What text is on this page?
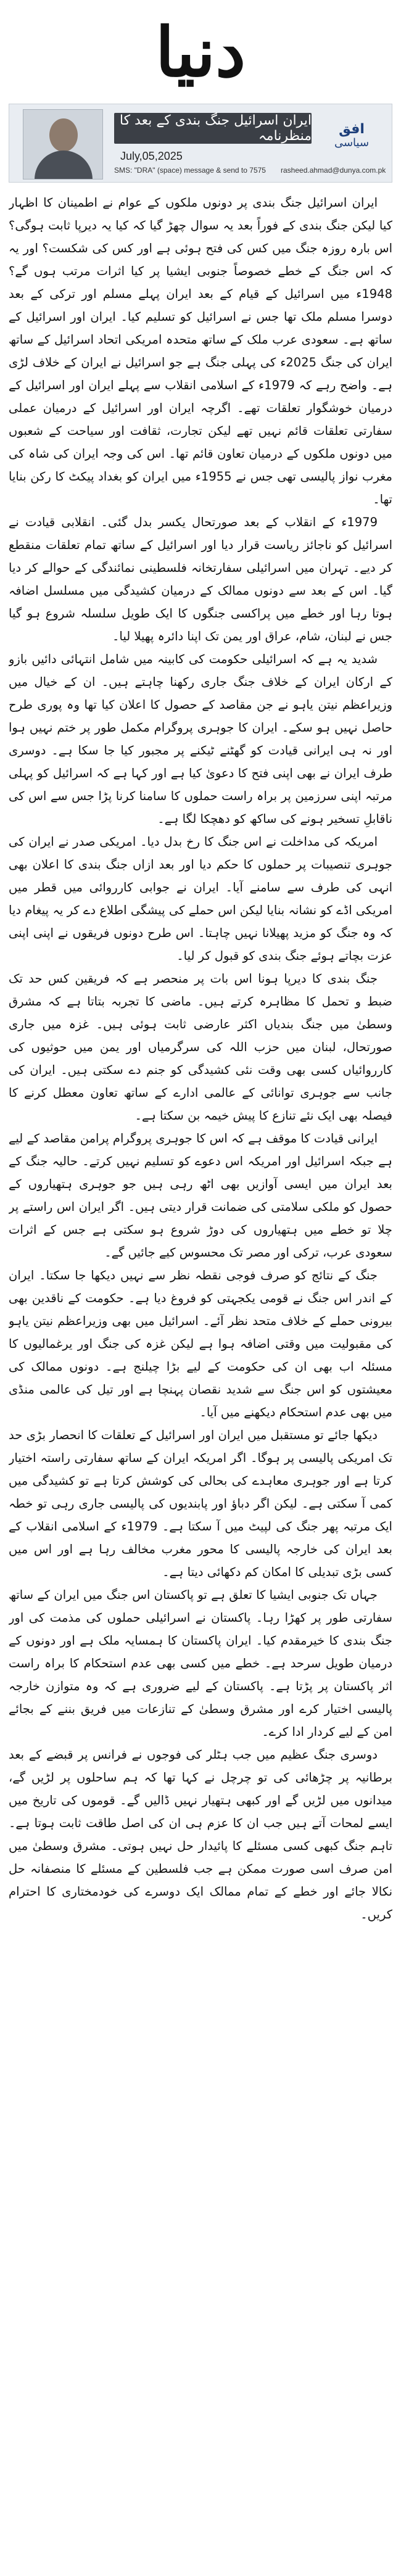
دنیا
ایران اسرائیل جنگ بندی کے بعد کا منظرنامہ
July,05,2025
SMS: "DRA" (space) message & send to 7575 rasheed.ahmad@dunya.com.pk
افق
سیاسی

ایران اسرائیل جنگ بندی پر دونوں ملکوں کے عوام نے اطمینان کا اظہار کیا لیکن جنگ بندی کے فوراً بعد یہ سوال چھڑ گیا کہ کیا یہ دیرپا ثابت ہوگی؟ اس بارہ روزہ جنگ میں کس کی فتح ہوئی ہے اور کس کی شکست؟ اور یہ کہ اس جنگ کے خطے خصوصاً جنوبی ایشیا پر کیا اثرات مرتب ہوں گے؟ 1948ء میں اسرائیل کے قیام کے بعد ایران پہلے مسلم اور ترکی کے بعد دوسرا مسلم ملک تھا جس نے اسرائیل کو تسلیم کیا۔ ایران اور اسرائیل کے ساتھ ہے۔ سعودی عرب ملک کے ساتھ متحدہ امریکی اتحاد اسرائیل کے ساتھ ایران کی جنگ 2025ء کی پہلی جنگ ہے جو اسرائیل نے ایران کے خلاف لڑی ہے۔ واضح رہے کہ 1979ء کے اسلامی انقلاب سے پہلے ایران اور اسرائیل کے درمیان خوشگوار تعلقات تھے۔ اگرچہ ایران اور اسرائیل کے درمیان عملی سفارتی تعلقات قائم نہیں تھے لیکن تجارت، ثقافت اور سیاحت کے شعبوں میں دونوں ملکوں کے درمیان تعاون قائم تھا۔ اس کی وجہ ایران کی شاہ کی مغرب نواز پالیسی تھی جس نے 1955ء میں ایران کو بغداد پیکٹ کا رکن بنایا تھا۔

1979ء کے انقلاب کے بعد صورتحال یکسر بدل گئی۔ انقلابی قیادت نے اسرائیل کو ناجائز ریاست قرار دیا اور اسرائیل کے ساتھ تمام تعلقات منقطع کر دیے۔ تہران میں اسرائیلی سفارتخانہ فلسطینی نمائندگی کے حوالے کر دیا گیا۔ اس کے بعد سے دونوں ممالک کے درمیان کشیدگی میں مسلسل اضافہ ہوتا رہا اور خطے میں پراکسی جنگوں کا ایک طویل سلسلہ شروع ہو گیا جس نے لبنان، شام، عراق اور یمن تک اپنا دائرہ پھیلا لیا۔

شدید یہ ہے کہ اسرائیلی حکومت کی کابینہ میں شامل انتہائی دائیں بازو کے ارکان ایران کے خلاف جنگ جاری رکھنا چاہتے ہیں۔ ان کے خیال میں وزیراعظم نیتن یاہو نے جن مقاصد کے حصول کا اعلان کیا تھا وہ پوری طرح حاصل نہیں ہو سکے۔ ایران کا جوہری پروگرام مکمل طور پر ختم نہیں ہوا اور نہ ہی ایرانی قیادت کو گھٹنے ٹیکنے پر مجبور کیا جا سکا ہے۔ دوسری طرف ایران نے بھی اپنی فتح کا دعویٰ کیا ہے اور کہا ہے کہ اسرائیل کو پہلی مرتبہ اپنی سرزمین پر براہ راست حملوں کا سامنا کرنا پڑا جس سے اس کی ناقابلِ تسخیر ہونے کی ساکھ کو دھچکا لگا ہے۔

امریکہ کی مداخلت نے اس جنگ کا رخ بدل دیا۔ امریکی صدر نے ایران کی جوہری تنصیبات پر حملوں کا حکم دیا اور بعد ازاں جنگ بندی کا اعلان بھی انہی کی طرف سے سامنے آیا۔ ایران نے جوابی کارروائی میں قطر میں امریکی اڈے کو نشانہ بنایا لیکن اس حملے کی پیشگی اطلاع دے کر یہ پیغام دیا کہ وہ جنگ کو مزید پھیلانا نہیں چاہتا۔ اس طرح دونوں فریقوں نے اپنی اپنی عزت بچاتے ہوئے جنگ بندی کو قبول کر لیا۔

جنگ بندی کا دیرپا ہونا اس بات پر منحصر ہے کہ فریقین کس حد تک ضبط و تحمل کا مظاہرہ کرتے ہیں۔ ماضی کا تجربہ بتاتا ہے کہ مشرق وسطیٰ میں جنگ بندیاں اکثر عارضی ثابت ہوئی ہیں۔ غزہ میں جاری صورتحال، لبنان میں حزب اللہ کی سرگرمیاں اور یمن میں حوثیوں کی کارروائیاں کسی بھی وقت نئی کشیدگی کو جنم دے سکتی ہیں۔ ایران کی جانب سے جوہری توانائی کے عالمی ادارے کے ساتھ تعاون معطل کرنے کا فیصلہ بھی ایک نئے تنازع کا پیش خیمہ بن سکتا ہے۔

ایرانی قیادت کا موقف ہے کہ اس کا جوہری پروگرام پرامن مقاصد کے لیے ہے جبکہ اسرائیل اور امریکہ اس دعوے کو تسلیم نہیں کرتے۔ حالیہ جنگ کے بعد ایران میں ایسی آوازیں بھی اٹھ رہی ہیں جو جوہری ہتھیاروں کے حصول کو ملکی سلامتی کی ضمانت قرار دیتی ہیں۔ اگر ایران اس راستے پر چلا تو خطے میں ہتھیاروں کی دوڑ شروع ہو سکتی ہے جس کے اثرات سعودی عرب، ترکی اور مصر تک محسوس کیے جائیں گے۔

جنگ کے نتائج کو صرف فوجی نقطہ نظر سے نہیں دیکھا جا سکتا۔ ایران کے اندر اس جنگ نے قومی یکجہتی کو فروغ دیا ہے۔ حکومت کے ناقدین بھی بیرونی حملے کے خلاف متحد نظر آئے۔ اسرائیل میں بھی وزیراعظم نیتن یاہو کی مقبولیت میں وقتی اضافہ ہوا ہے لیکن غزہ کی جنگ اور یرغمالیوں کا مسئلہ اب بھی ان کی حکومت کے لیے بڑا چیلنج ہے۔ دونوں ممالک کی معیشتوں کو اس جنگ سے شدید نقصان پہنچا ہے اور تیل کی عالمی منڈی میں بھی عدم استحکام دیکھنے میں آیا۔

دیکھا جائے تو مستقبل میں ایران اور اسرائیل کے تعلقات کا انحصار بڑی حد تک امریکی پالیسی پر ہوگا۔ اگر امریکہ ایران کے ساتھ سفارتی راستہ اختیار کرتا ہے اور جوہری معاہدے کی بحالی کی کوشش کرتا ہے تو کشیدگی میں کمی آ سکتی ہے۔ لیکن اگر دباؤ اور پابندیوں کی پالیسی جاری رہی تو خطہ ایک مرتبہ پھر جنگ کی لپیٹ میں آ سکتا ہے۔ 1979ء کے اسلامی انقلاب کے بعد ایران کی خارجہ پالیسی کا محور مغرب مخالف رہا ہے اور اس میں کسی بڑی تبدیلی کا امکان کم دکھائی دیتا ہے۔

جہاں تک جنوبی ایشیا کا تعلق ہے تو پاکستان اس جنگ میں ایران کے ساتھ سفارتی طور پر کھڑا رہا۔ پاکستان نے اسرائیلی حملوں کی مذمت کی اور جنگ بندی کا خیرمقدم کیا۔ ایران پاکستان کا ہمسایہ ملک ہے اور دونوں کے درمیان طویل سرحد ہے۔ خطے میں کسی بھی عدم استحکام کا براہ راست اثر پاکستان پر پڑتا ہے۔ پاکستان کے لیے ضروری ہے کہ وہ متوازن خارجہ پالیسی اختیار کرے اور مشرق وسطیٰ کے تنازعات میں فریق بننے کے بجائے امن کے لیے کردار ادا کرے۔

دوسری جنگ عظیم میں جب ہٹلر کی فوجوں نے فرانس پر قبضے کے بعد برطانیہ پر چڑھائی کی تو چرچل نے کہا تھا کہ ہم ساحلوں پر لڑیں گے، میدانوں میں لڑیں گے اور کبھی ہتھیار نہیں ڈالیں گے۔ قوموں کی تاریخ میں ایسے لمحات آتے ہیں جب ان کا عزم ہی ان کی اصل طاقت ثابت ہوتا ہے۔ تاہم جنگ کبھی کسی مسئلے کا پائیدار حل نہیں ہوتی۔ مشرق وسطیٰ میں امن صرف اسی صورت ممکن ہے جب فلسطین کے مسئلے کا منصفانہ حل نکالا جائے اور خطے کے تمام ممالک ایک دوسرے کی خودمختاری کا احترام کریں۔
